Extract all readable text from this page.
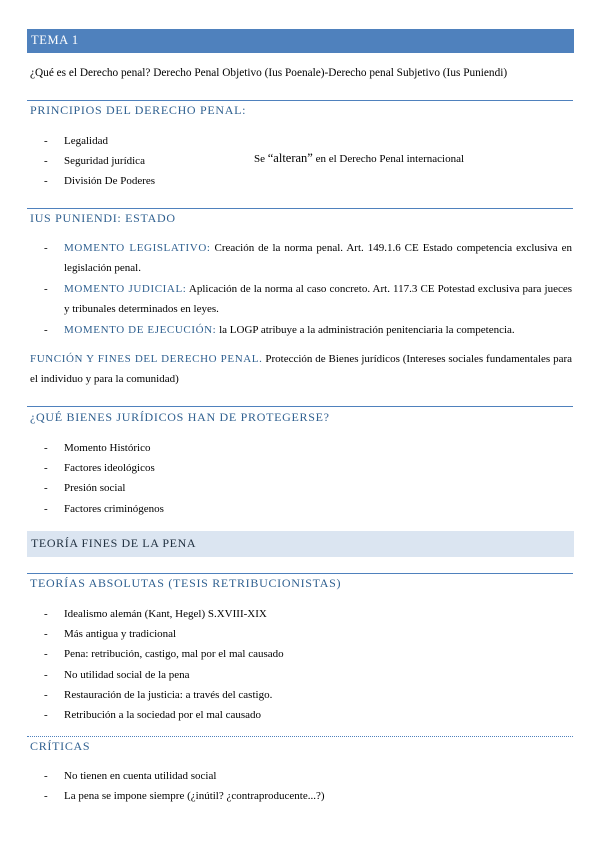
TEMA 1
¿Qué es el Derecho penal? Derecho Penal Objetivo (Ius Poenale)-Derecho penal Subjetivo (Ius Puniendi)
PRINCIPIOS DEL DERECHO PENAL:
- Legalidad
- Seguridad jurídica
- División De Poderes
Se “alteran” en el Derecho Penal internacional
IUS PUNIENDI: ESTADO
- MOMENTO LEGISLATIVO: Creación de la norma penal. Art. 149.1.6 CE Estado competencia exclusiva en legislación penal.
- MOMENTO JUDICIAL: Aplicación de la norma al caso concreto. Art. 117.3 CE Potestad exclusiva para jueces y tribunales determinados en leyes.
- MOMENTO DE EJECUCIÓN: la LOGP atribuye a la administración penitenciaria la competencia.
FUNCIÓN Y FINES DEL DERECHO PENAL. Protección de Bienes jurídicos (Intereses sociales fundamentales para el individuo y para la comunidad)
¿QUÉ BIENES JURÍDICOS HAN DE PROTEGERSE?
- Momento Histórico
- Factores ideológicos
- Presión social
- Factores criminógenos
TEORÍA FINES DE LA PENA
TEORÍAS ABSOLUTAS (TESIS RETRIBUCIONISTAS)
- Idealismo alemán (Kant, Hegel) S.XVIII-XIX
- Más antigua y tradicional
- Pena: retribución, castigo, mal por el mal causado
- No utilidad social de la pena
- Restauración de la justicia: a través del castigo.
- Retribución a la sociedad por el mal causado
CRÍTICAS
- No tienen en cuenta utilidad social
- La pena se impone siempre (¿inútil? ¿contraproducente...?)
